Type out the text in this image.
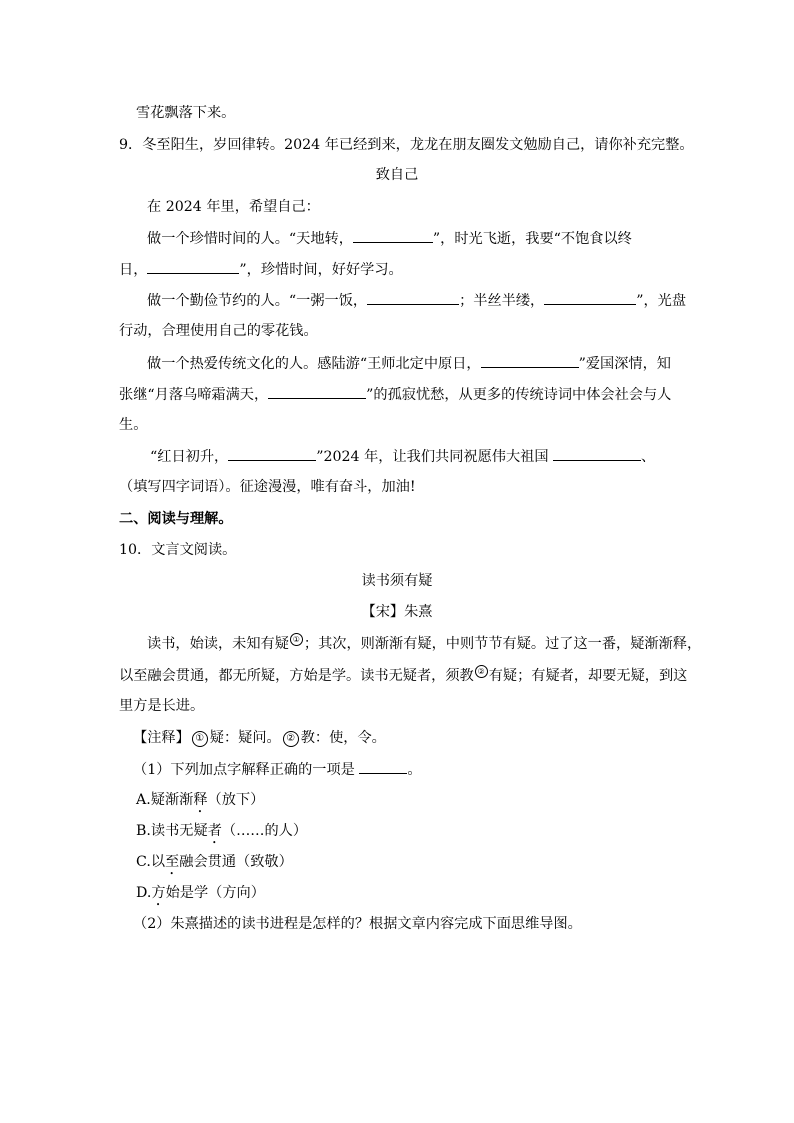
雪花飘落下来。
9．冬至阳生，岁回律转。2024 年已经到来，龙龙在朋友圈发文勉励自己，请你补充完整。
致自己
在 2024 年里，希望自己：
做一个珍惜时间的人。“天地转，	”，时光飞逝，我要“不饱食以终
日，	”，珍惜时间，好好学习。
做一个勤俭节约的人。“一粥一饭，	；半丝半缕，	”，光盘
行动，合理使用自己的零花钱。
做一个热爱传统文化的人。感陆游“王师北定中原日，	”爱国深情，知
张继“月落乌啼霜满天，	”的孤寂忧愁，从更多的传统诗词中体会社会与人
生。
“红日初升，	”2024 年，让我们共同祝愿伟大祖国	、
（填写四字词语）。征途漫漫，唯有奋斗，加油!
二、阅读与理解。
10．文言文阅读。
读书须有疑
【宋】朱熹
读书，始读，未知有疑 ① ；其次，则渐渐有疑，中则节节有疑。过了这一番，疑渐渐释，
以至融会贯通，都无所疑，方始是学。读书无疑者，须教 ② 有疑；有疑者，却要无疑，到这
里方是长进。
【注释】 ① 疑：疑问。 ② 教：使，令。
（1）下列加点字解释正确的一项是	。
A.疑渐渐释（放下）
B.读书无疑者（……的人）
C.以至融会贯通（致敬）
D.方始是学（方向）
（2）朱熹描述的读书进程是怎样的？根据文章内容完成下面思维导图。
